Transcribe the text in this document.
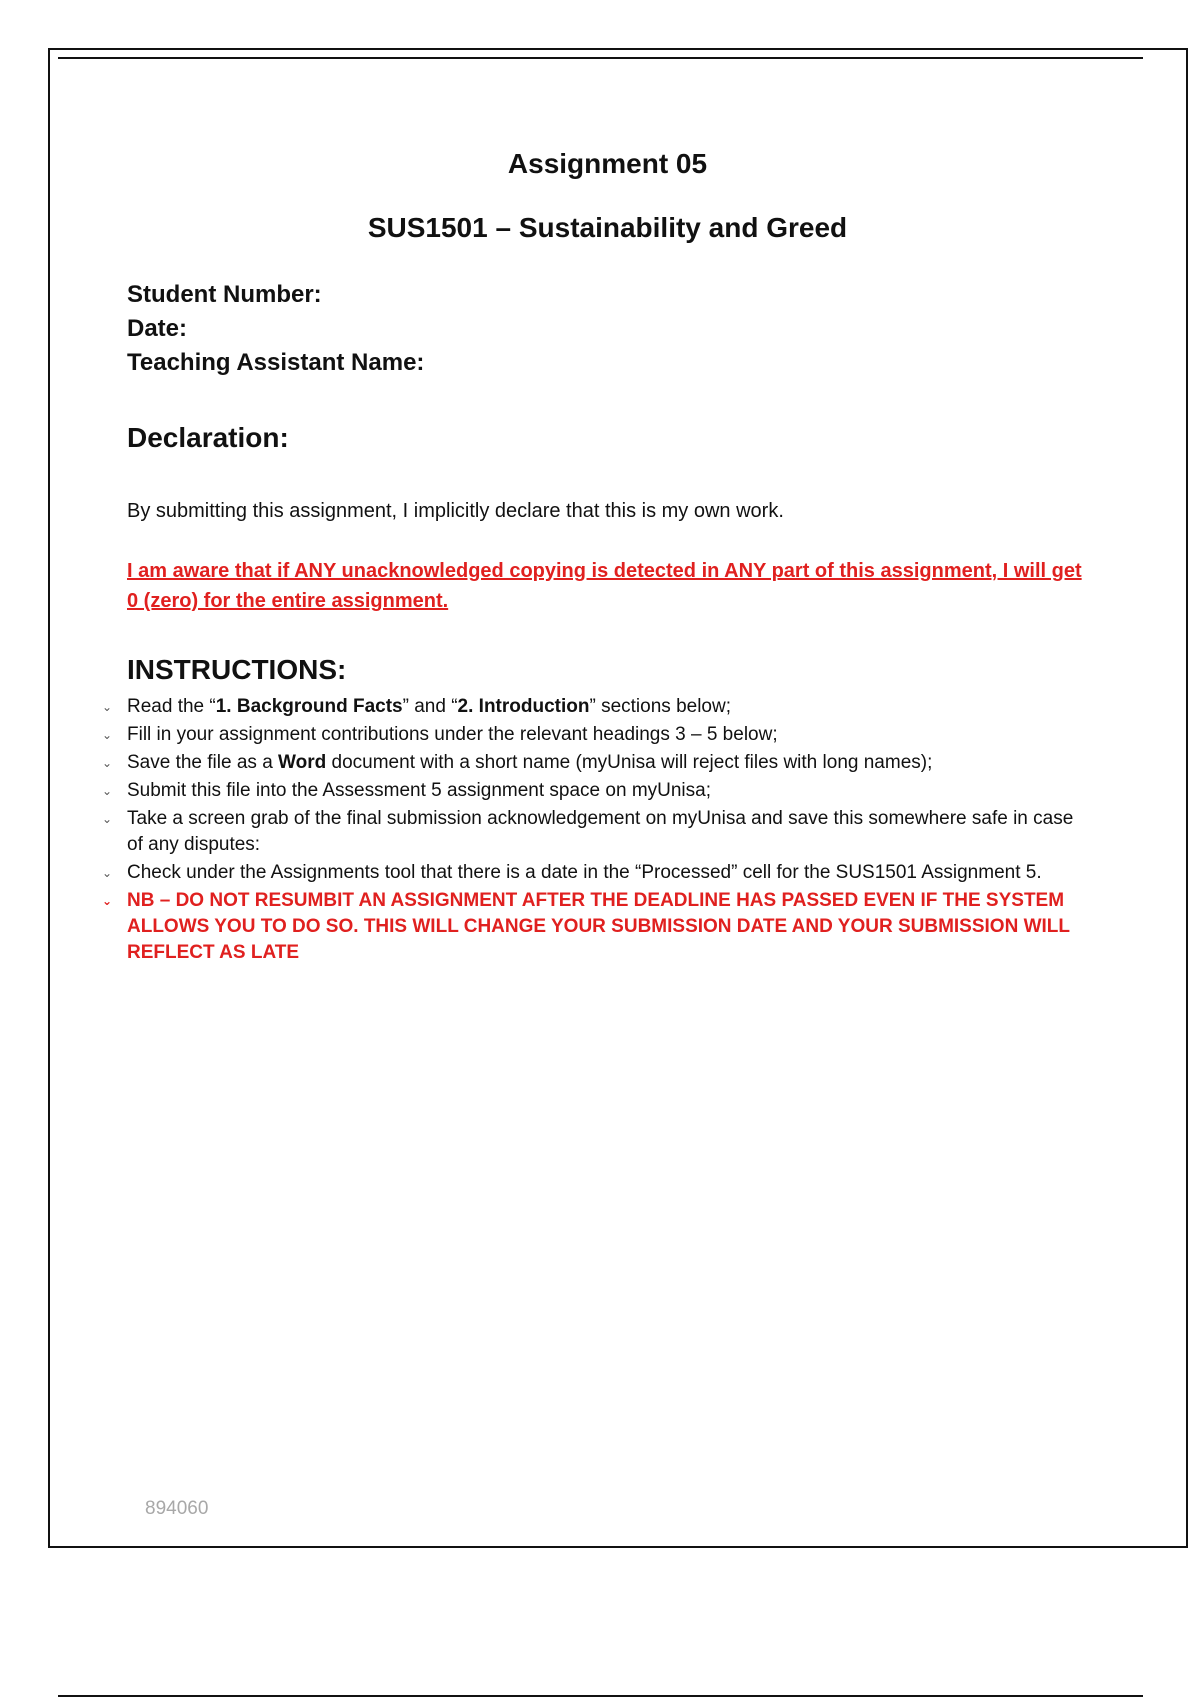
Assignment 05
SUS1501 – Sustainability and Greed
Student Number:
Date:
Teaching Assistant Name:
Declaration:
By submitting this assignment, I implicitly declare that this is my own work.
I am aware that if ANY unacknowledged copying is detected in ANY part of this assignment, I will get 0 (zero) for the entire assignment.
INSTRUCTIONS:
⌄ Read the “1. Background Facts” and “2. Introduction” sections below;
⌄ Fill in your assignment contributions under the relevant headings 3 – 5 below;
⌄ Save the file as a Word document with a short name (myUnisa will reject files with long names);
⌄ Submit this file into the Assessment 5 assignment space on myUnisa;
⌄ Take a screen grab of the final submission acknowledgement on myUnisa and save this somewhere safe in case of any disputes:
⌄ Check under the Assignments tool that there is a date in the “Processed” cell for the SUS1501 Assignment 5.
⌄ NB – DO NOT RESUMBIT AN ASSIGNMENT AFTER THE DEADLINE HAS PASSED EVEN IF THE SYSTEM ALLOWS YOU TO DO SO. THIS WILL CHANGE YOUR SUBMISSION DATE AND YOUR SUBMISSION WILL REFLECT AS LATE
894060
